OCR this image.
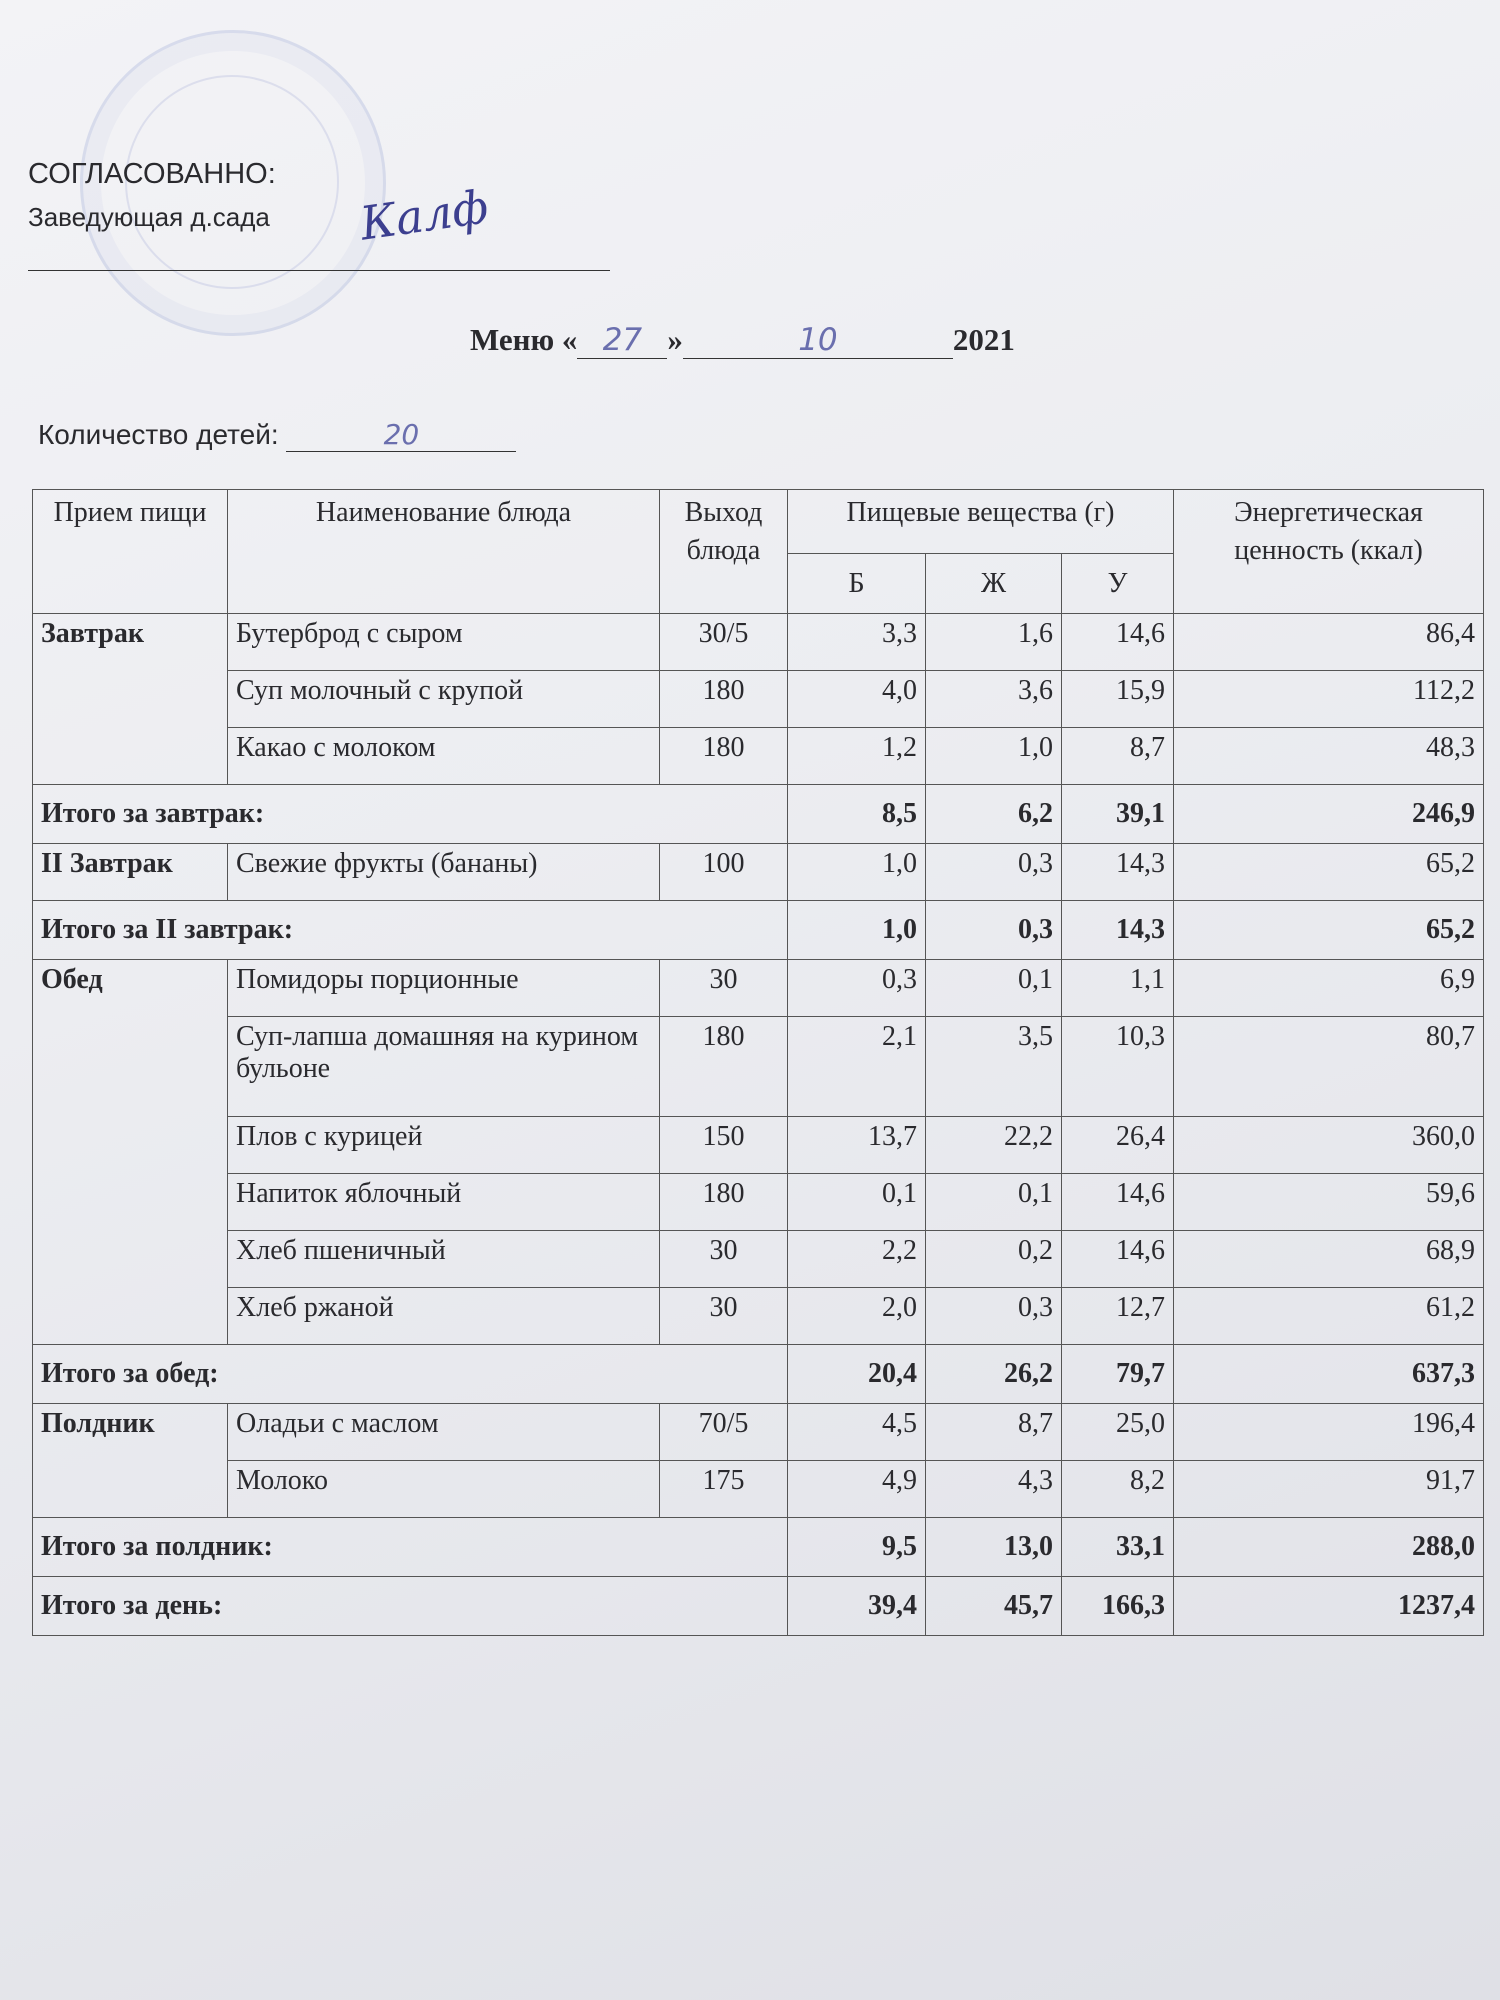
СОГЛАСОВАННО:
Заведующая д.сада Калф
Меню « 27 »	10	2021
Количество детей:	20
Прием пищи	Наименование блюда	Выход блюда	Пищевые вещества (г)			Энергетическая ценность (ккал)
			Б	Ж	У	
Завтрак	Бутерброд с сыром	30/5	3,3	1,6	14,6	86,4
	Суп молочный с крупой	180	4,0	3,6	15,9	112,2
	Какао с молоком	180	1,2	1,0	8,7	48,3
Итого за завтрак:			8,5	6,2	39,1	246,9
II Завтрак	Свежие фрукты (бананы)	100	1,0	0,3	14,3	65,2
Итого за II завтрак:			1,0	0,3	14,3	65,2
Обед	Помидоры порционные	30	0,3	0,1	1,1	6,9
	Суп-лапша домашняя на курином бульоне	180	2,1	3,5	10,3	80,7
	Плов с курицей	150	13,7	22,2	26,4	360,0
	Напиток яблочный	180	0,1	0,1	14,6	59,6
	Хлеб пшеничный	30	2,2	0,2	14,6	68,9
	Хлеб ржаной	30	2,0	0,3	12,7	61,2
Итого за обед:			20,4	26,2	79,7	637,3
Полдник	Оладьи с маслом	70/5	4,5	8,7	25,0	196,4
	Молоко	175	4,9	4,3	8,2	91,7
Итого за полдник:			9,5	13,0	33,1	288,0
Итого за день:			39,4	45,7	166,3	1237,4
